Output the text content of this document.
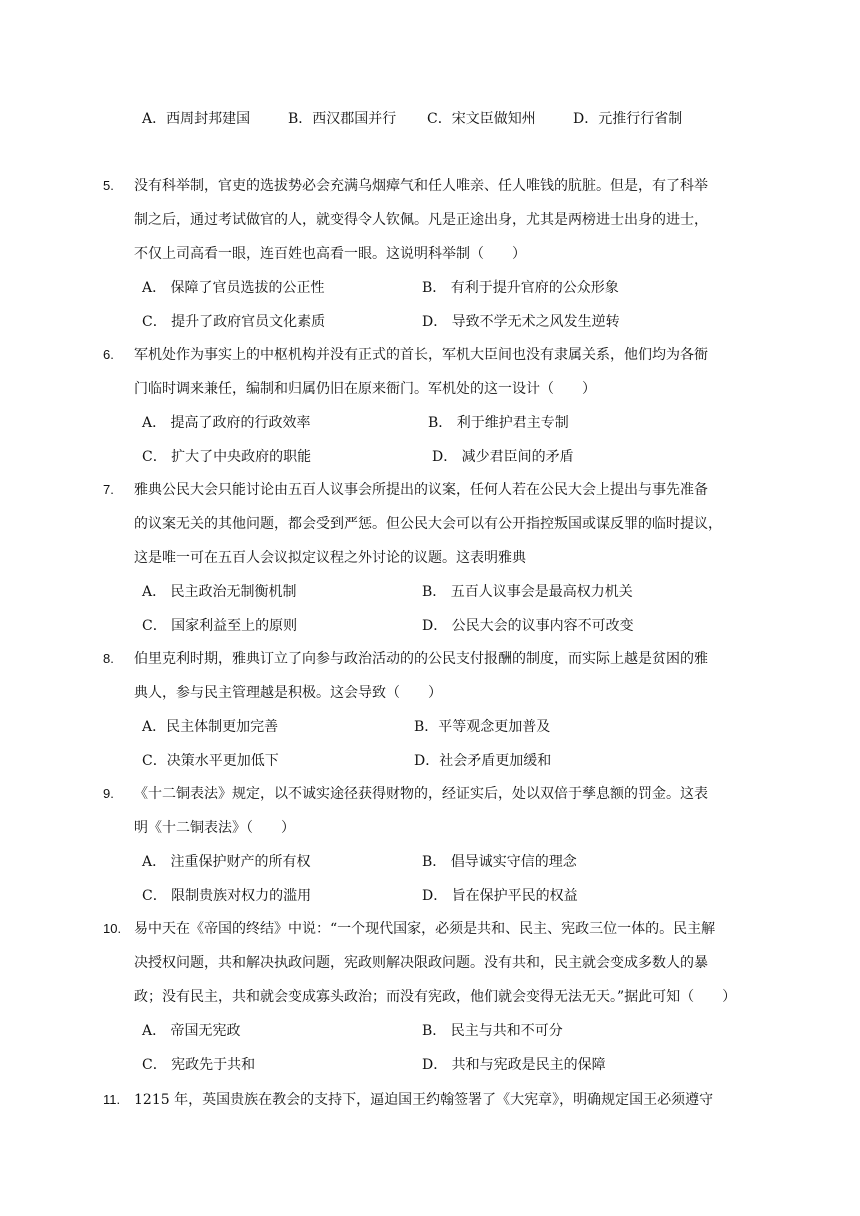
A．西周封邦建国	B．西汉郡国并行 C．宋文臣做知州	D．元推行行省制
5.	没有科举制，官吏的选拔势必会充满乌烟瘴气和任人唯亲、任人唯钱的肮脏。但是，有了科举
制之后，通过考试做官的人，就变得令人钦佩。凡是正途出身，尤其是两榜进士出身的进士，
不仅上司高看一眼，连百姓也高看一眼。这说明科举制（　　）
A． 保障了官员选拔的公正性	B． 有利于提升官府的公众形象
C． 提升了政府官员文化素质	D． 导致不学无术之风发生逆转
6.	军机处作为事实上的中枢机构并没有正式的首长，军机大臣间也没有隶属关系，他们均为各衙
门临时调来兼任，编制和归属仍旧在原来衙门。军机处的这一设计（　　）
A． 提高了政府的行政效率	B． 利于维护君主专制
C． 扩大了中央政府的职能	D． 减少君臣间的矛盾
7.	雅典公民大会只能讨论由五百人议事会所提出的议案，任何人若在公民大会上提出与事先准备
的议案无关的其他问题，都会受到严惩。但公民大会可以有公开指控叛国或谋反罪的临时提议，
这是唯一可在五百人会议拟定议程之外讨论的议题。这表明雅典
A． 民主政治无制衡机制	B． 五百人议事会是最高权力机关
C． 国家利益至上的原则	D． 公民大会的议事内容不可改变
8.	伯里克利时期，雅典订立了向参与政治活动的的公民支付报酬的制度，而实际上越是贫困的雅
典人，参与民主管理越是积极。这会导致（　　）
A．民主体制更加完善	B．平等观念更加普及
C．决策水平更加低下	D．社会矛盾更加缓和
9.	《十二铜表法》规定，以不诚实途径获得财物的，经证实后，处以双倍于孳息额的罚金。这表
明《十二铜表法》（　　）
A． 注重保护财产的所有权	B． 倡导诚实守信的理念
C． 限制贵族对权力的滥用	D． 旨在保护平民的权益
10. 易中天在《帝国的终结》中说：“一个现代国家，必须是共和、民主、宪政三位一体的。民主解
决授权问题，共和解决执政问题，宪政则解决限政问题。没有共和，民主就会变成多数人的暴
政；没有民主，共和就会变成寡头政治；而没有宪政，他们就会变得无法无天。”据此可知（　　）
A． 帝国无宪政	B． 民主与共和不可分
C． 宪政先于共和	D． 共和与宪政是民主的保障
11. 1215 年，英国贵族在教会的支持下，逼迫国王约翰签署了《大宪章》，明确规定国王必须遵守
